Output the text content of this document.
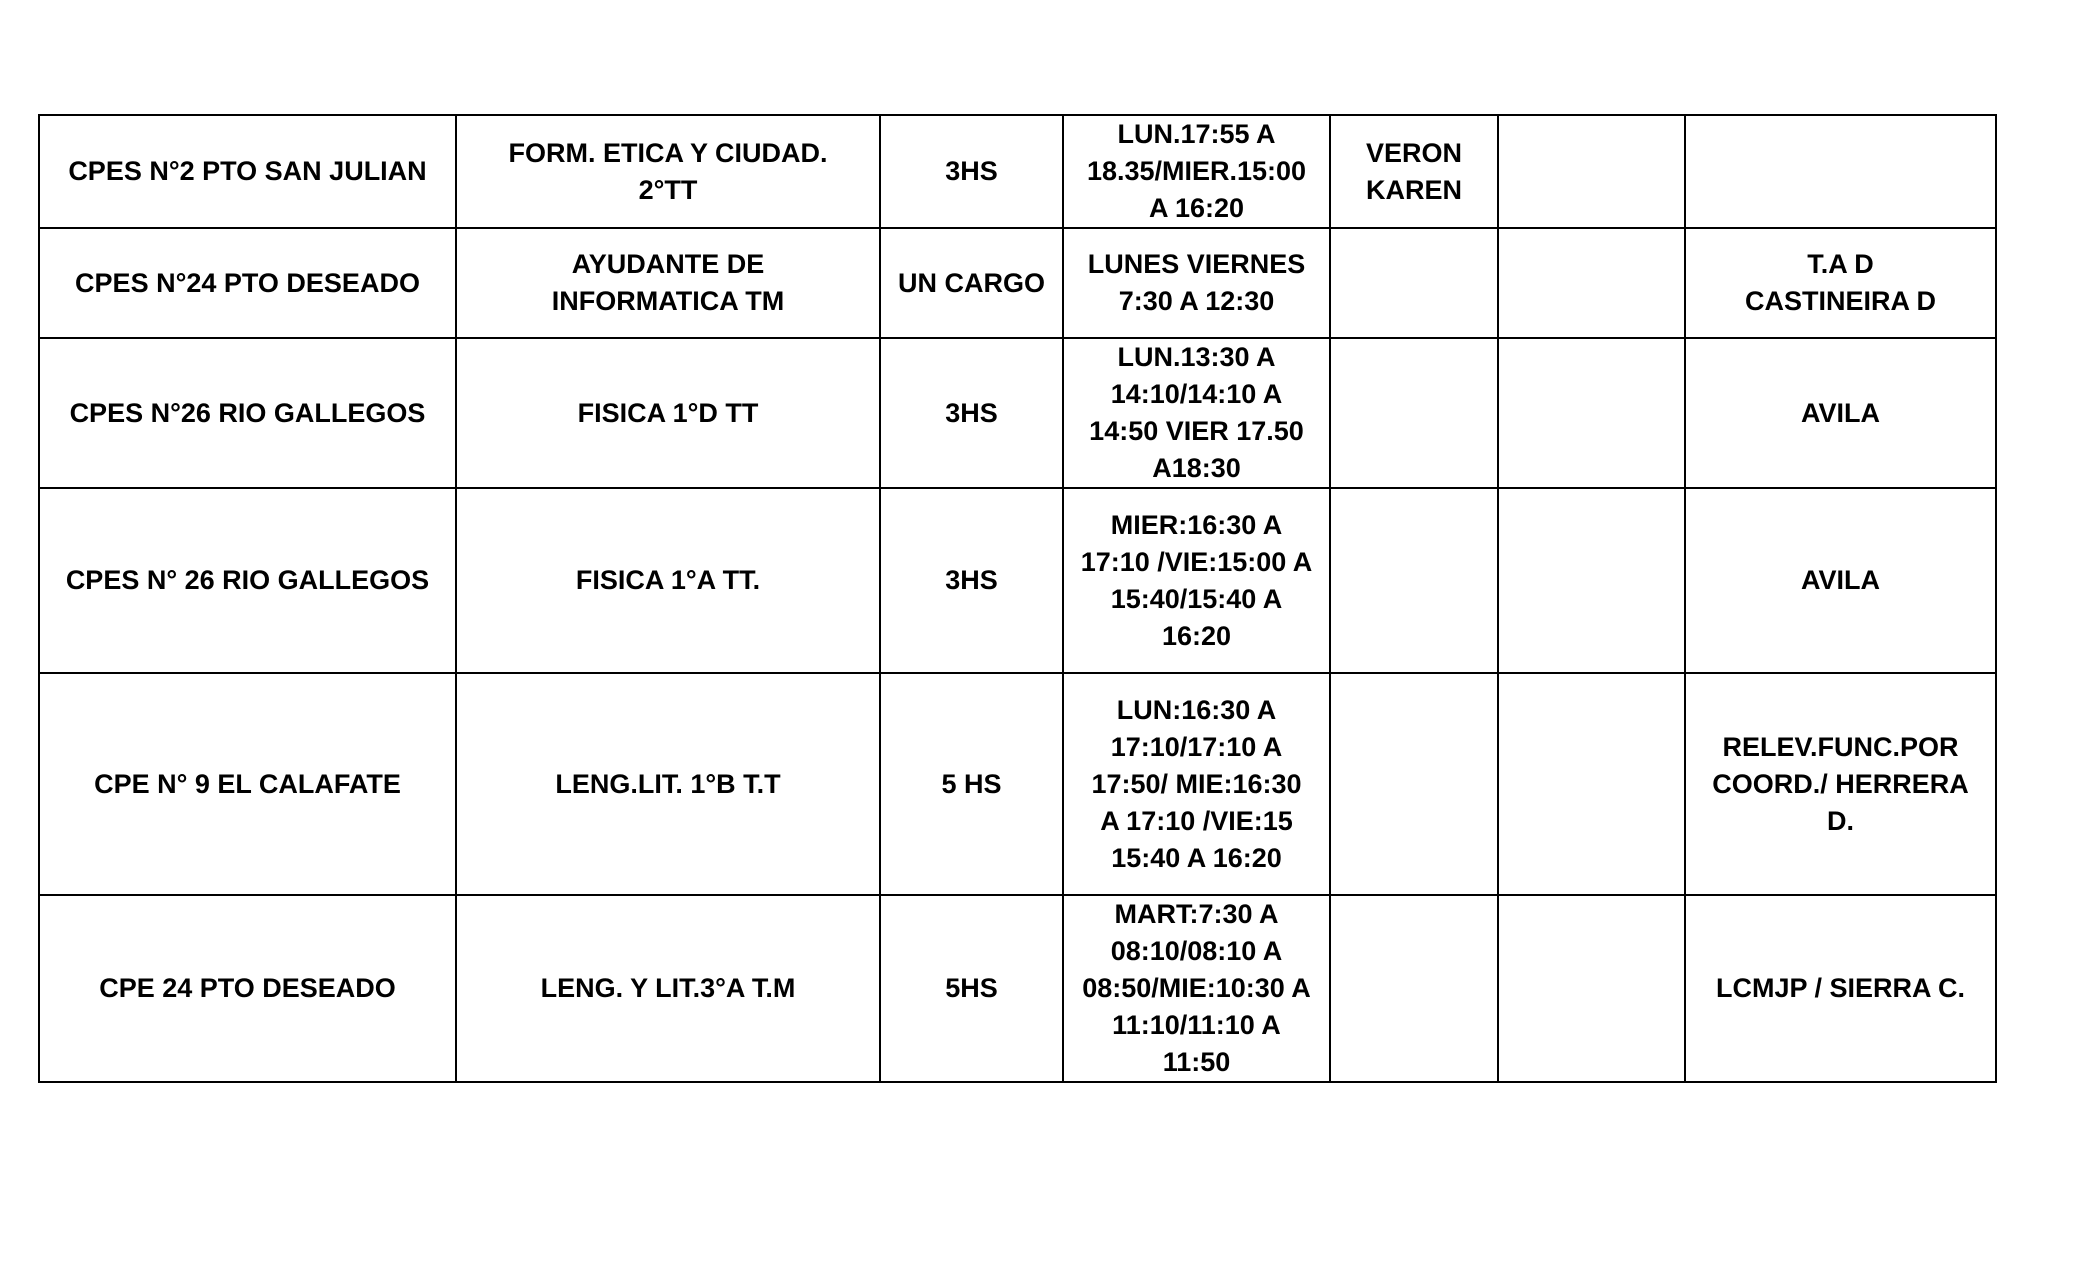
CPES N°2 PTO SAN JULIAN	FORM. ETICA Y CIUDAD.
2°TT	3HS	LUN.17:55 A
18.35/MIER.15:00
A 16:20	VERON
KAREN		
CPES N°24 PTO DESEADO	AYUDANTE DE
INFORMATICA TM	UN CARGO	LUNES VIERNES
7:30 A 12:30			T.A D
CASTINEIRA D
CPES N°26 RIO GALLEGOS	FISICA 1°D TT	3HS	LUN.13:30 A
14:10/14:10 A
14:50 VIER 17.50
A18:30			AVILA
CPES N° 26 RIO GALLEGOS	FISICA 1°A TT.	3HS	MIER:16:30 A
17:10 /VIE:15:00 A
15:40/15:40 A
16:20			AVILA
CPE N° 9 EL CALAFATE	LENG.LIT. 1°B T.T	5 HS	LUN:16:30 A
17:10/17:10 A
17:50/ MIE:16:30
A 17:10 /VIE:15
15:40 A 16:20			RELEV.FUNC.POR
COORD./ HERRERA
D.
CPE 24 PTO DESEADO	LENG. Y LIT.3°A T.M	5HS	MART:7:30 A
08:10/08:10 A
08:50/MIE:10:30 A
11:10/11:10 A
11:50			LCMJP / SIERRA C.
